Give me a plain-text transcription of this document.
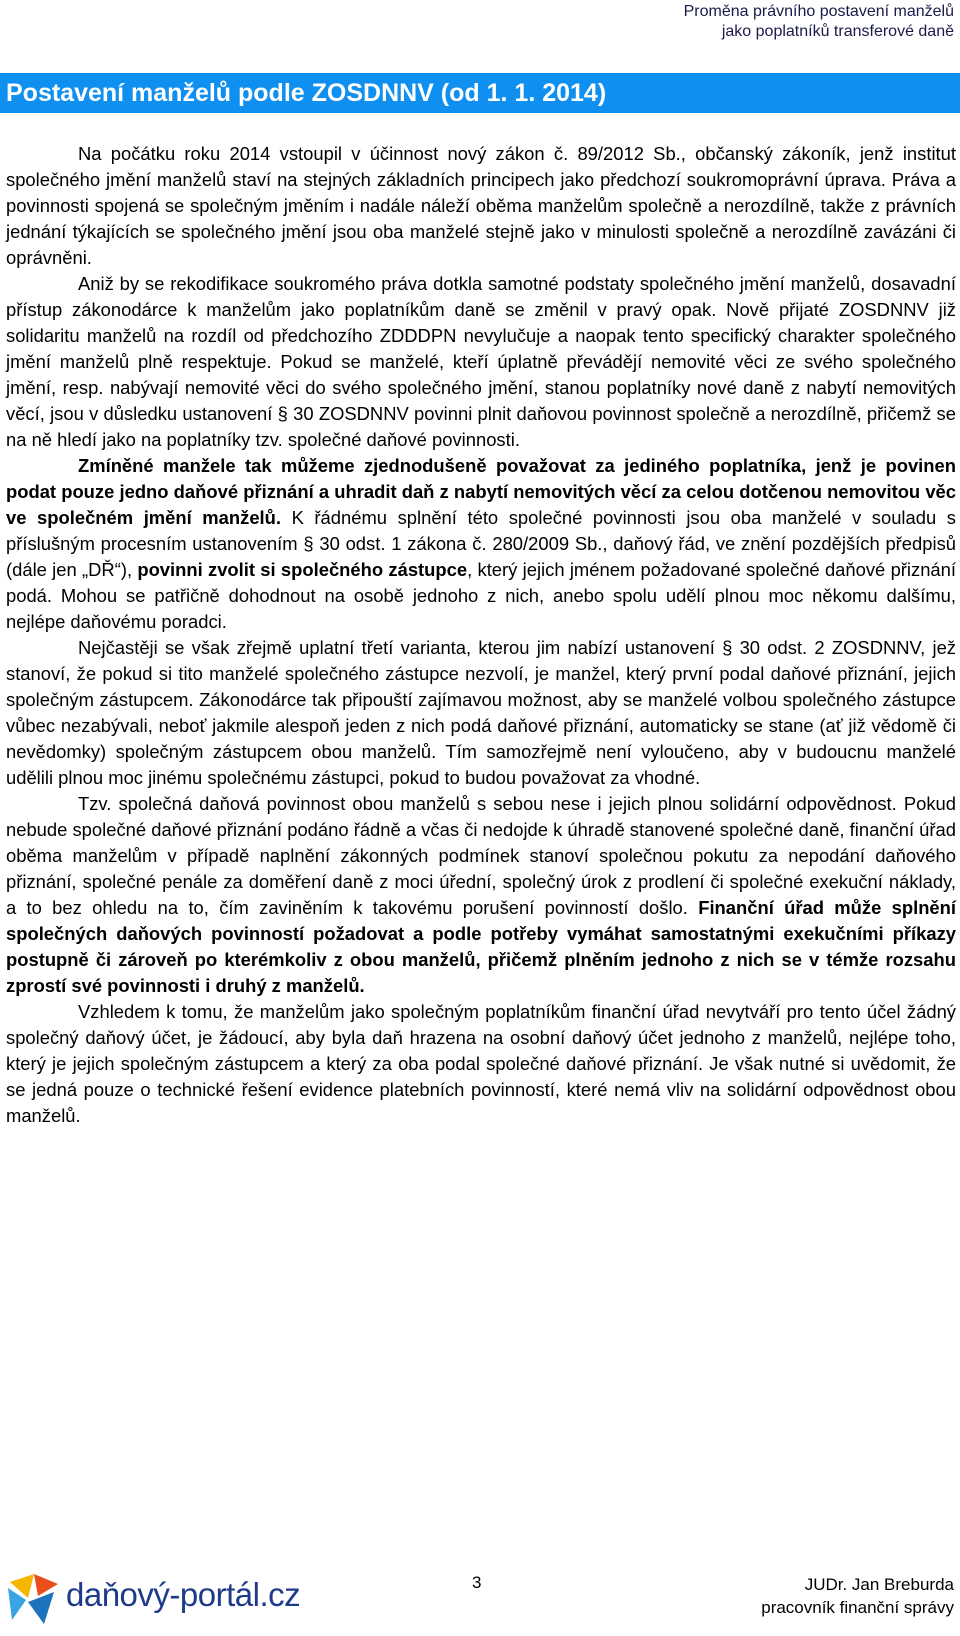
Proměna právního postavení manželů
jako poplatníků transferové daně
Postavení manželů podle ZOSDNNV (od 1. 1. 2014)

Na počátku roku 2014 vstoupil v účinnost nový zákon č. 89/2012 Sb., občanský zákoník, jenž institut společného jmění manželů staví na stejných základních principech jako předchozí soukromoprávní úprava. Práva a povinnosti spojená se společným jměním i nadále náleží oběma manželům společně a nerozdílně, takže z právních jednání týkajících se společného jmění jsou oba manželé stejně jako v minulosti společně a nerozdílně zavázáni či oprávněni.

Aniž by se rekodifikace soukromého práva dotkla samotné podstaty společného jmění manželů, dosavadní přístup zákonodárce k manželům jako poplatníkům daně se změnil v pravý opak. Nově přijaté ZOSDNNV již solidaritu manželů na rozdíl od předchozího ZDDDPN nevylučuje a naopak tento specifický charakter společného jmění manželů plně respektuje. Pokud se manželé, kteří úplatně převádějí nemovité věci ze svého společného jmění, resp. nabývají nemovité věci do svého společného jmění, stanou poplatníky nové daně z nabytí nemovitých věcí, jsou v důsledku ustanovení § 30 ZOSDNNV povinni plnit daňovou povinnost společně a nerozdílně, přičemž se na ně hledí jako na poplatníky tzv. společné daňové povinnosti.

Zmíněné manžele tak můžeme zjednodušeně považovat za jediného poplatníka, jenž je povinen podat pouze jedno daňové přiznání a uhradit daň z nabytí nemovitých věcí za celou dotčenou nemovitou věc ve společném jmění manželů. K řádnému splnění této společné povinnosti jsou oba manželé v souladu s příslušným procesním ustanovením § 30 odst. 1 zákona č. 280/2009 Sb., daňový řád, ve znění pozdějších předpisů (dále jen „DŘ“), povinni zvolit si společného zástupce, který jejich jménem požadované společné daňové přiznání podá. Mohou se patřičně dohodnout na osobě jednoho z nich, anebo spolu udělí plnou moc někomu dalšímu, nejlépe daňovému poradci.

Nejčastěji se však zřejmě uplatní třetí varianta, kterou jim nabízí ustanovení § 30 odst. 2 ZOSDNNV, jež stanoví, že pokud si tito manželé společného zástupce nezvolí, je manžel, který první podal daňové přiznání, jejich společným zástupcem. Zákonodárce tak připouští zajímavou možnost, aby se manželé volbou společného zástupce vůbec nezabývali, neboť jakmile alespoň jeden z nich podá daňové přiznání, automaticky se stane (ať již vědomě či nevědomky) společným zástupcem obou manželů. Tím samozřejmě není vyloučeno, aby v budoucnu manželé udělili plnou moc jinému společnému zástupci, pokud to budou považovat za vhodné.

Tzv. společná daňová povinnost obou manželů s sebou nese i jejich plnou solidární odpovědnost. Pokud nebude společné daňové přiznání podáno řádně a včas či nedojde k úhradě stanovené společné daně, finanční úřad oběma manželům v případě naplnění zákonných podmínek stanoví společnou pokutu za nepodání daňového přiznání, společné penále za doměření daně z moci úřední, společný úrok z prodlení či společné exekuční náklady, a to bez ohledu na to, čím zaviněním k takovému porušení povinností došlo. Finanční úřad může splnění společných daňových povinností požadovat a podle potřeby vymáhat samostatnými exekučními příkazy postupně či zároveň po kterémkoliv z obou manželů, přičemž plněním jednoho z nich se v témže rozsahu zprostí své povinnosti i druhý z manželů.

Vzhledem k tomu, že manželům jako společným poplatníkům finanční úřad nevytváří pro tento účel žádný společný daňový účet, je žádoucí, aby byla daň hrazena na osobní daňový účet jednoho z manželů, nejlépe toho, který je jejich společným zástupcem a který za oba podal společné daňové přiznání. Je však nutné si uvědomit, že se jedná pouze o technické řešení evidence platebních povinností, které nemá vliv na solidární odpovědnost obou manželů.

daňový-portál.cz	3	JUDr. Jan Breburda
pracovník finanční správy
